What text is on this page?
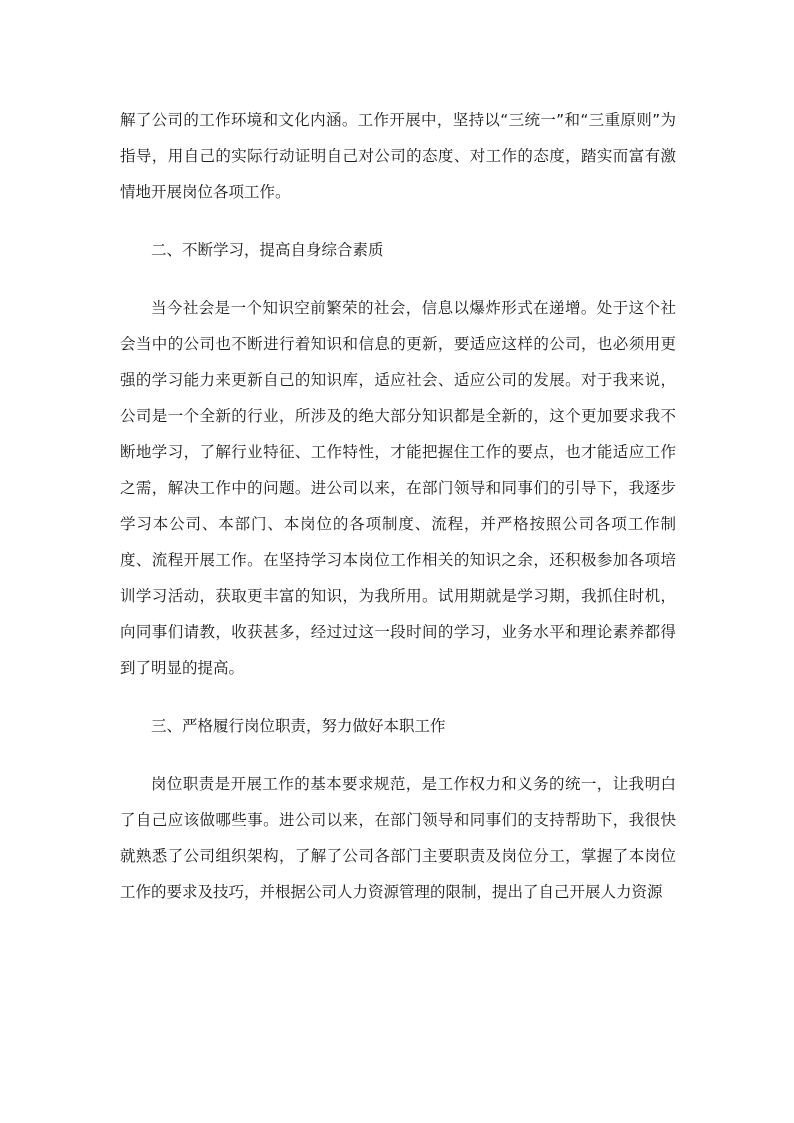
解了公司的工作环境和文化内涵。工作开展中，坚持以“三统一”和“三重原则”为指导，用自己的实际行动证明自己对公司的态度、对工作的态度，踏实而富有激情地开展岗位各项工作。

二、不断学习，提高自身综合素质

当今社会是一个知识空前繁荣的社会，信息以爆炸形式在递增。处于这个社会当中的公司也不断进行着知识和信息的更新，要适应这样的公司，也必须用更强的学习能力来更新自己的知识库，适应社会、适应公司的发展。对于我来说，公司是一个全新的行业，所涉及的绝大部分知识都是全新的，这个更加要求我不断地学习，了解行业特征、工作特性，才能把握住工作的要点，也才能适应工作之需，解决工作中的问题。进公司以来，在部门领导和同事们的引导下，我逐步学习本公司、本部门、本岗位的各项制度、流程，并严格按照公司各项工作制度、流程开展工作。在坚持学习本岗位工作相关的知识之余，还积极参加各项培训学习活动，获取更丰富的知识，为我所用。试用期就是学习期，我抓住时机，向同事们请教，收获甚多，经过过这一段时间的学习，业务水平和理论素养都得到了明显的提高。

三、严格履行岗位职责，努力做好本职工作

岗位职责是开展工作的基本要求规范，是工作权力和义务的统一，让我明白了自己应该做哪些事。进公司以来，在部门领导和同事们的支持帮助下，我很快就熟悉了公司组织架构，了解了公司各部门主要职责及岗位分工，掌握了本岗位工作的要求及技巧，并根据公司人力资源管理的限制，提出了自己开展人力资源
